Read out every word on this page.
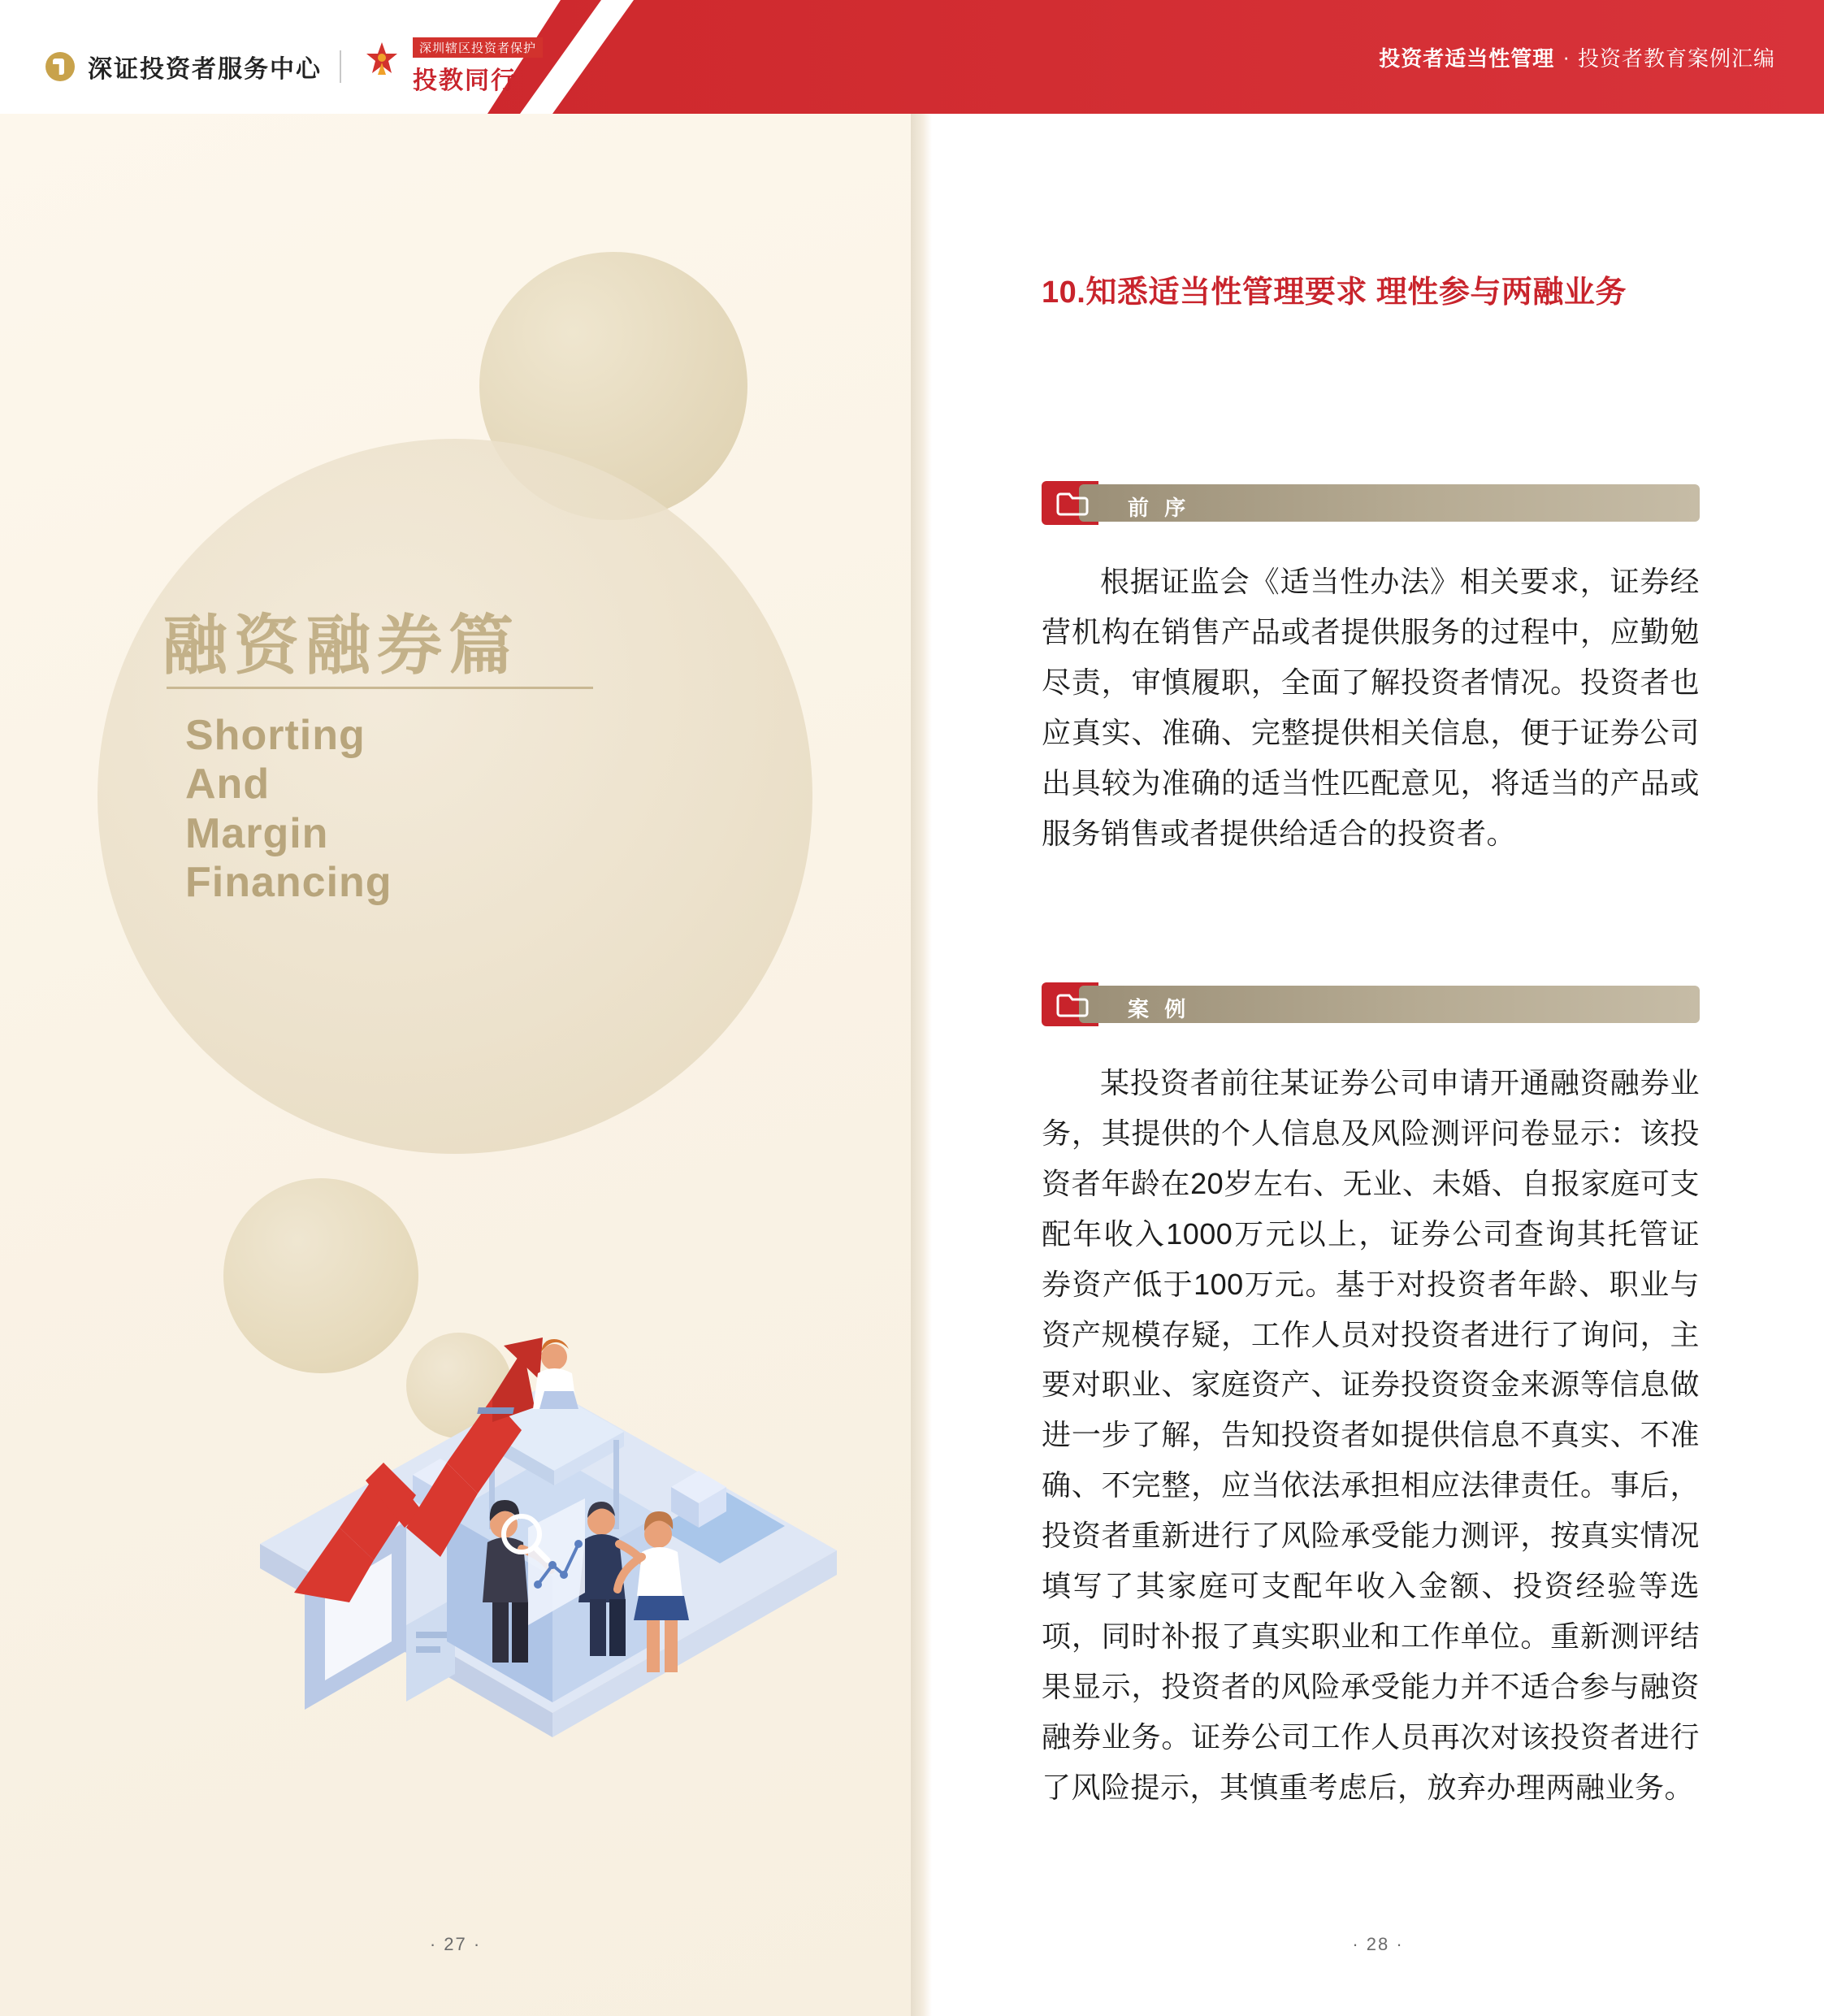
深证投资者服务中心
深圳辖区投资者保护
投教同行
投资者适当性管理 · 投资者教育案例汇编
融资融券篇
Shorting
And
Margin
Financing
· 27 ·
10.知悉适当性管理要求 理性参与两融业务
前 序
根据证监会《适当性办法》相关要求，证券经营机构在销售产品或者提供服务的过程中，应勤勉尽责，审慎履职，全面了解投资者情况。投资者也应真实、准确、完整提供相关信息，便于证券公司出具较为准确的适当性匹配意见，将适当的产品或服务销售或者提供给适合的投资者。
案 例
某投资者前往某证券公司申请开通融资融券业务，其提供的个人信息及风险测评问卷显示：该投资者年龄在20岁左右、无业、未婚、自报家庭可支配年收入1000万元以上，证券公司查询其托管证券资产低于100万元。基于对投资者年龄、职业与资产规模存疑，工作人员对投资者进行了询问，主要对职业、家庭资产、证券投资资金来源等信息做进一步了解，告知投资者如提供信息不真实、不准确、不完整，应当依法承担相应法律责任。事后，投资者重新进行了风险承受能力测评，按真实情况填写了其家庭可支配年收入金额、投资经验等选项，同时补报了真实职业和工作单位。重新测评结果显示，投资者的风险承受能力并不适合参与融资融券业务。证券公司工作人员再次对该投资者进行了风险提示，其慎重考虑后，放弃办理两融业务。
· 28 ·
